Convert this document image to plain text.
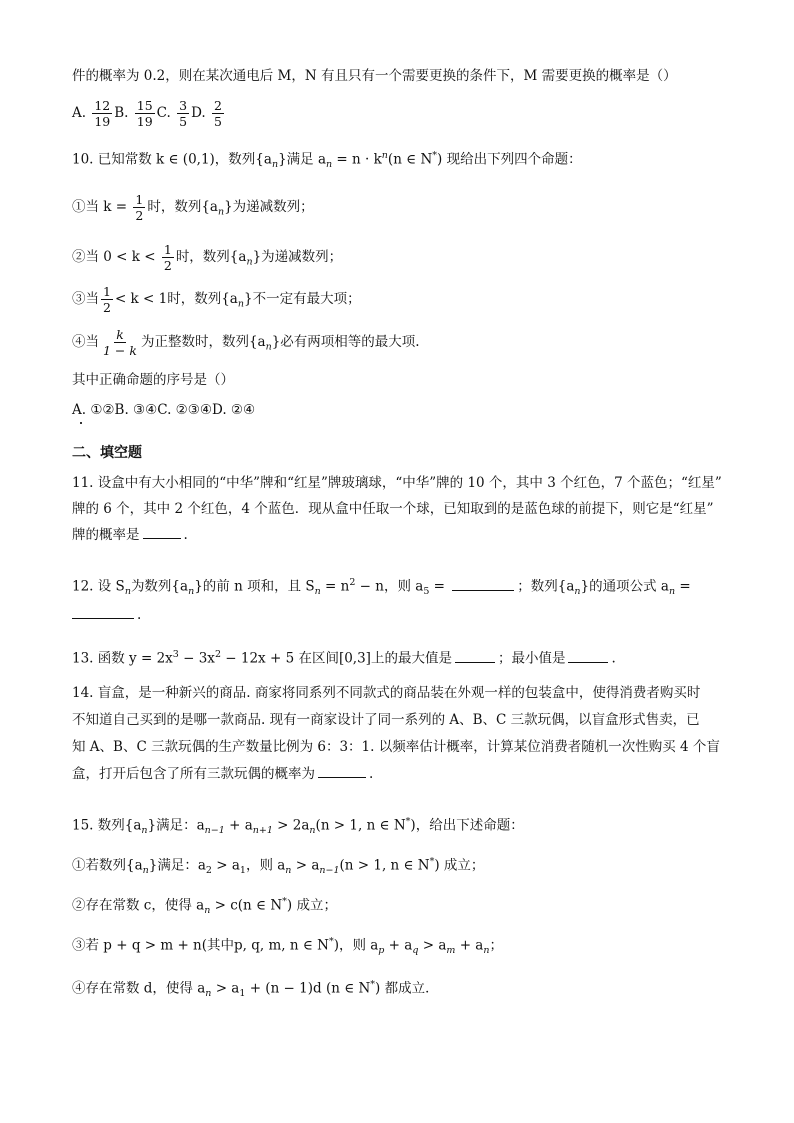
件的概率为 0.2，则在某次通电后 M，N 有且只有一个需要更换的条件下，M 需要更换的概率是（）
A. $\frac{12}{19} B$. $\frac{15}{19} C$. $\frac{3}{5} D$. $\frac{2}{5}$
10. 已知常数 k ∈ (0,1)，数列$\{a_n\}$满足 $a_n = n \cdot k^n(n$ ∈ N*) 现给出下列四个命题：
①当 $k = \frac{1}{2}$ 时，数列$\{a_n\}$为递减数列；
②当 $0 < k < \frac{1}{2}$ 时，数列$\{a_n\}$为递减数列；
③当 $\frac{1}{2} < k < 1$时，数列$\{a_n\}$不一定有最大项；
④当 $\frac{k}{1 - k}$ 为正整数时，数列$\{a_n\}$必有两项相等的最大项.
其中正确命题的序号是（）
A. ①②B. ③④C. ②③④D. ②④
二、填空题
11. 设盒中有大小相同的“中华”牌和“红星”牌玻璃球，“中华”牌的 10 个，其中 3 个红色，7 个蓝色；“红星”
牌的 6 个，其中 2 个红色，4 个蓝色．现从盒中任取一个球，已知取到的是蓝色球的前提下，则它是“红星”
牌的概率是	.
12. 设 $S_n$为数列$\{a_n\}$的前 n 项和，且 $S_n = n^2 - n$，则 $a_5$ =	；数列$\{a_n\}$的通项公式 $a_n$ =
.
13. 函数 $y = 2x^3 - 3x^2 - 12x + 5$ 在区间[0,3]上的最大值是	；最小值是	.
14. 盲盒，是一种新兴的商品. 商家将同系列不同款式的商品装在外观一样的包装盒中，使得消费者购买时
不知道自己买到的是哪一款商品. 现有一商家设计了同一系列的 A、B、C 三款玩偶，以盲盒形式售卖，已
知 A、B、C 三款玩偶的生产数量比例为 6：3：1. 以频率估计概率，计算某位消费者随机一次性购买 4 个盲
盒，打开后包含了所有三款玩偶的概率为	.
15. 数列$\{a_n\}$满足：$a_{n-1} + a_{n+1} > 2a_n(n > 1$, n ∈ N*)，给出下述命题：
①若数列$\{a_n\}$满足：$a_2 > a_1$，则 $a_n > a_{n-1}(n > 1$, n ∈ N*) 成立；
②存在常数 c，使得 $a_n > c(n$ ∈ N*) 成立；
③若 p + q > m + n(其中p, q, m, n ∈ N*)，则 $a_p + a_q > a_m + a_n$；
④存在常数 d，使得 $a_n > a_1 + (n - 1)d$ (n ∈ N*) 都成立．
